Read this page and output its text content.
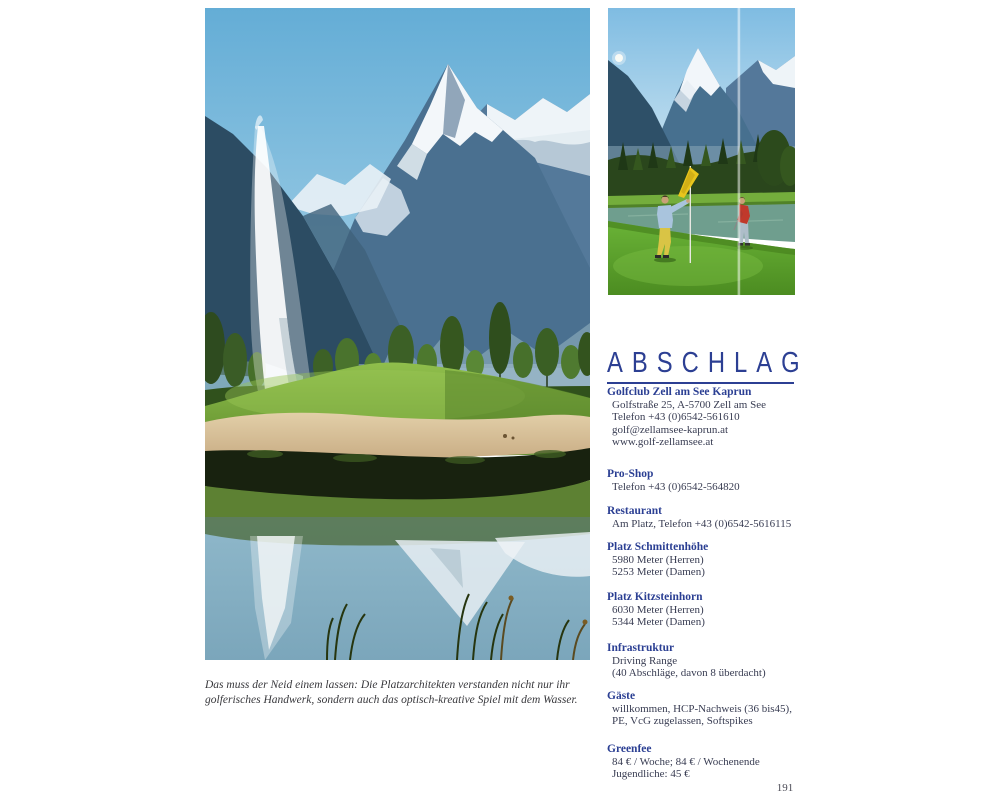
ABSCHLAG
Golfclub Zell am See Kaprun
Golfstraße 25, A-5700 Zell am See
Telefon +43 (0)6542-561610
golf@zellamsee-kaprun.at
www.golf-zellamsee.at
Pro-Shop
Telefon +43 (0)6542-564820
Restaurant
Am Platz, Telefon +43 (0)6542-5616115
Platz Schmittenhöhe
5980 Meter (Herren)
5253 Meter (Damen)
Platz Kitzsteinhorn
6030 Meter (Herren)
5344 Meter (Damen)
Infrastruktur
Driving Range
(40 Abschläge, davon 8 überdacht)
Gäste
willkommen, HCP-Nachweis (36 bis45),
PE, VcG zugelassen, Softspikes
Greenfee
84 € / Woche; 84 € / Wochenende
Jugendliche: 45 €
Das muss der Neid einem lassen: Die Platzarchitekten verstanden nicht nur ihr
golferisches Handwerk, sondern auch das optisch-kreative Spiel mit dem Wasser.
191
